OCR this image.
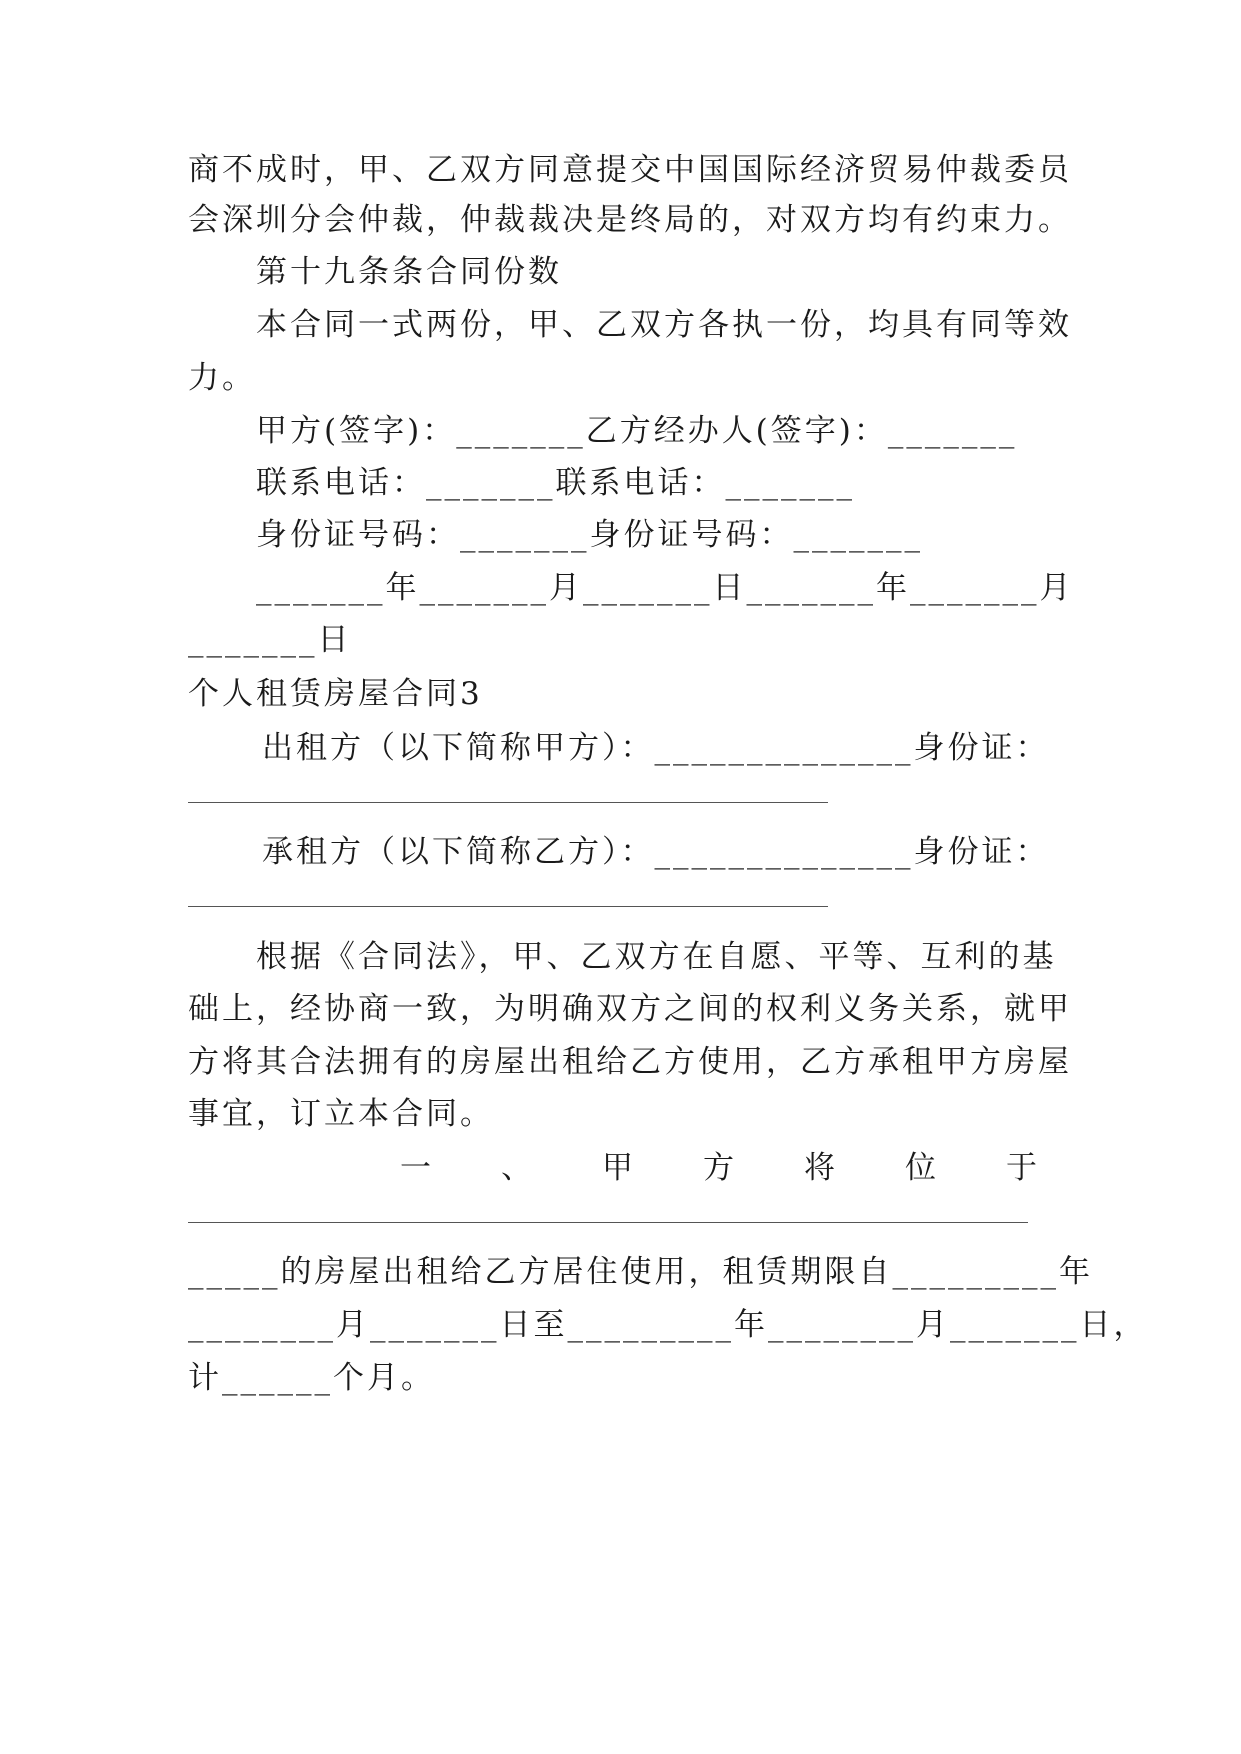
商不成时，甲、乙双方同意提交中国国际经济贸易仲裁委员
会深圳分会仲裁，仲裁裁决是终局的，对双方均有约束力。
第十九条条合同份数
本合同一式两份，甲、乙双方各执一份，均具有同等效
力。
甲方(签字)：_______乙方经办人(签字)：_______
联系电话：_______联系电话：_______
身份证号码：_______身份证号码：_______
_______年_______月_______日_______年_______月
_______日
个人租赁房屋合同3
出租方（以下简称甲方）：______________身份证：
承租方（以下简称乙方）：______________身份证：
根据《合同法》，甲、乙双方在自愿、平等、互利的基
础上，经协商一致，为明确双方之间的权利义务关系，就甲
方将其合法拥有的房屋出租给乙方使用，乙方承租甲方房屋
事宜，订立本合同。
一 、 甲 方 将 位 于
_____的房屋出租给乙方居住使用，租赁期限自_________年
________月_______日至_________年________月_______日，
计______个月。
